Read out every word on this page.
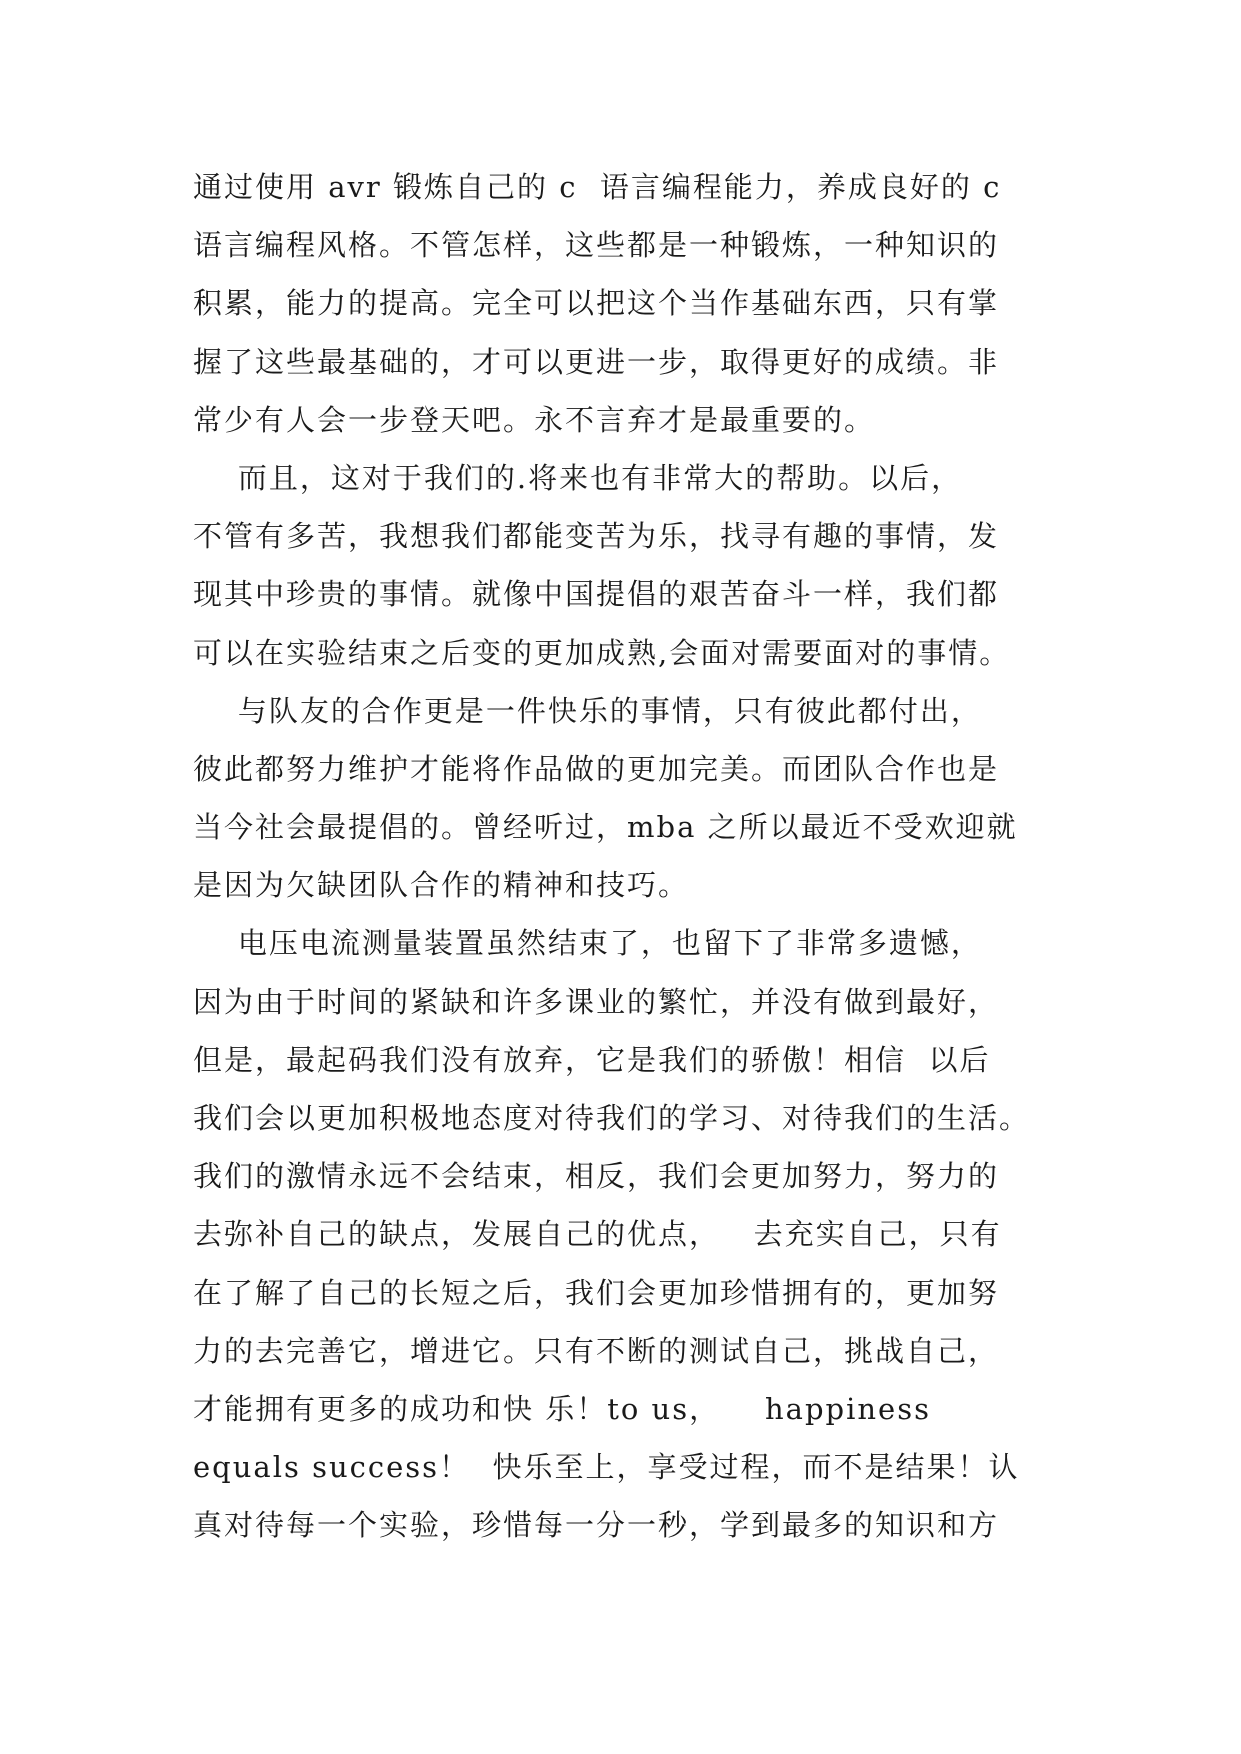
通过使用 avr 锻炼自己的 c  语言编程能力，养成良好的 c
语言编程风格。不管怎样，这些都是一种锻炼，一种知识的
积累，能力的提高。完全可以把这个当作基础东西，只有掌
握了这些最基础的，才可以更进一步，取得更好的成绩。非
常少有人会一步登天吧。永不言弃才是最重要的。
而且，这对于我们的.将来也有非常大的帮助。以后，
不管有多苦，我想我们都能变苦为乐，找寻有趣的事情，发
现其中珍贵的事情。就像中国提倡的艰苦奋斗一样，我们都
可以在实验结束之后变的更加成熟,会面对需要面对的事情。
与队友的合作更是一件快乐的事情，只有彼此都付出，
彼此都努力维护才能将作品做的更加完美。而团队合作也是
当今社会最提倡的。曾经听过，mba 之所以最近不受欢迎就
是因为欠缺团队合作的精神和技巧。
电压电流测量装置虽然结束了，也留下了非常多遗憾，
因为由于时间的紧缺和许多课业的繁忙，并没有做到最好，
但是，最起码我们没有放弃，它是我们的骄傲！相信  以后
我们会以更加积极地态度对待我们的学习、对待我们的生活。
我们的激情永远不会结束，相反，我们会更加努力，努力的
去弥补自己的缺点，发展自己的优点，   去充实自己，只有
在了解了自己的长短之后，我们会更加珍惜拥有的，更加努
力的去完善它，增进它。只有不断的测试自己，挑战自己，
才能拥有更多的成功和快 乐！to us，    happiness
equals success！  快乐至上，享受过程，而不是结果！认
真对待每一个实验，珍惜每一分一秒，学到最多的知识和方
